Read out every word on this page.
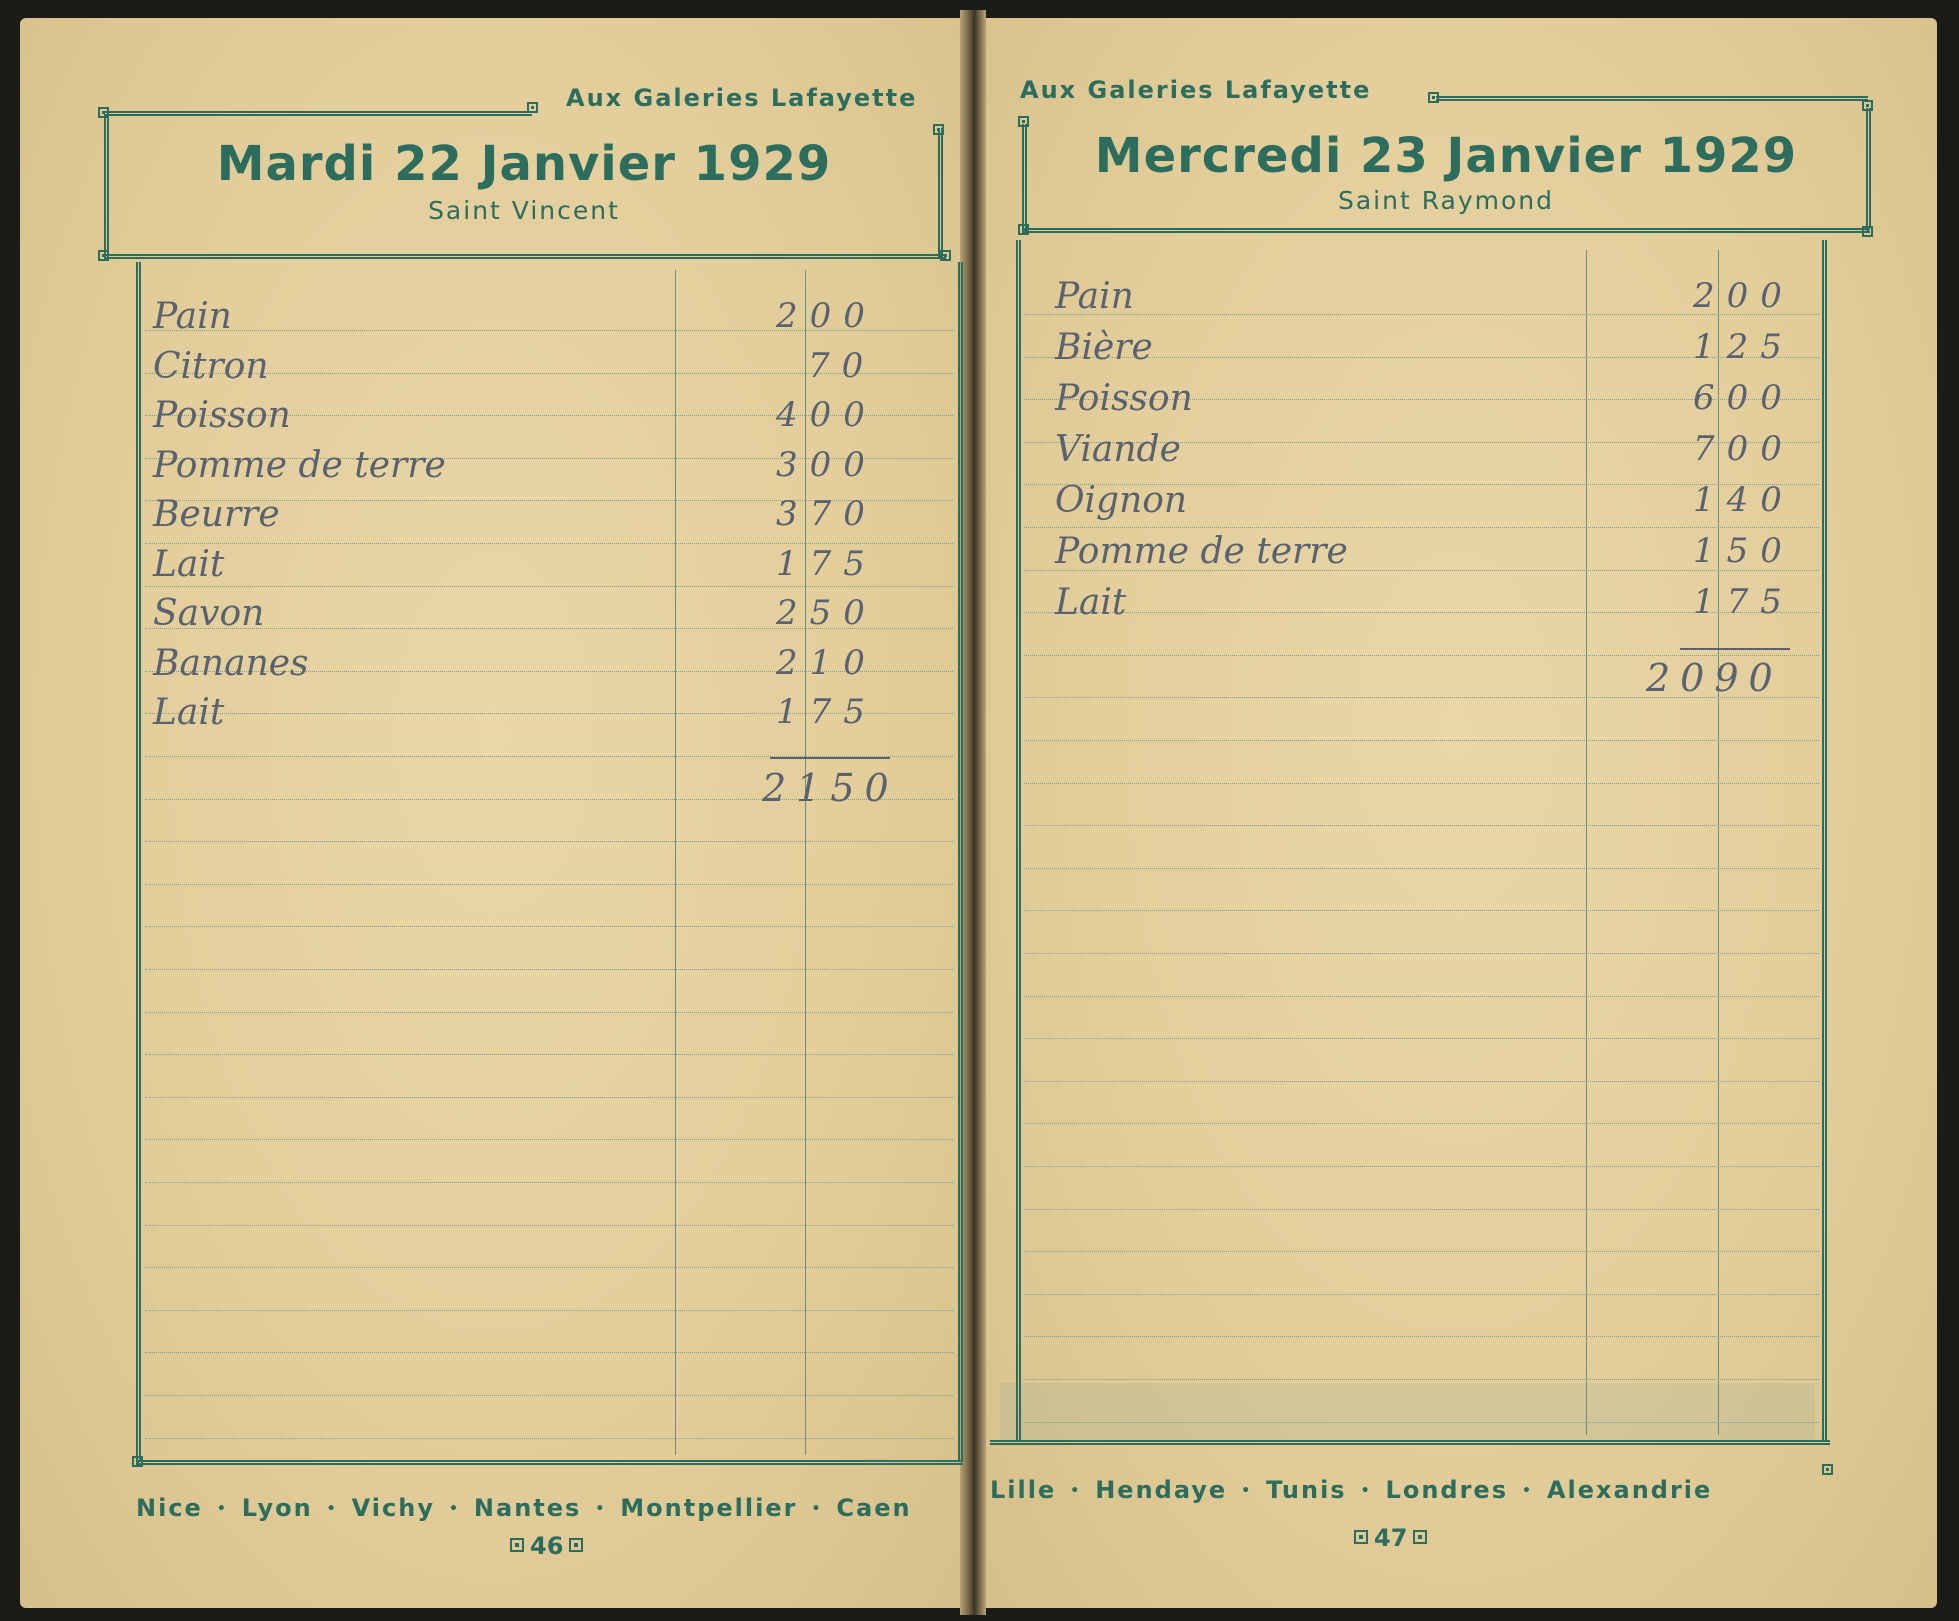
Aux Galeries Lafayette
Mardi 22 Janvier 1929
Saint Vincent
Pain	200
Citron	70
Poisson	400
Pomme de terre	300
Beurre	370
Lait	175
Savon	250
Bananes	210
Lait	175
2150
Nice • Lyon • Vichy • Nantes • Montpellier • Caen
46
Aux Galeries Lafayette
Mercredi 23 Janvier 1929
Saint Raymond
Pain	200
Bière	125
Poisson	600
Viande	700
Oignon	140
Pomme de terre	150
Lait	175
2090
Lille • Hendaye • Tunis • Londres • Alexandrie
47
